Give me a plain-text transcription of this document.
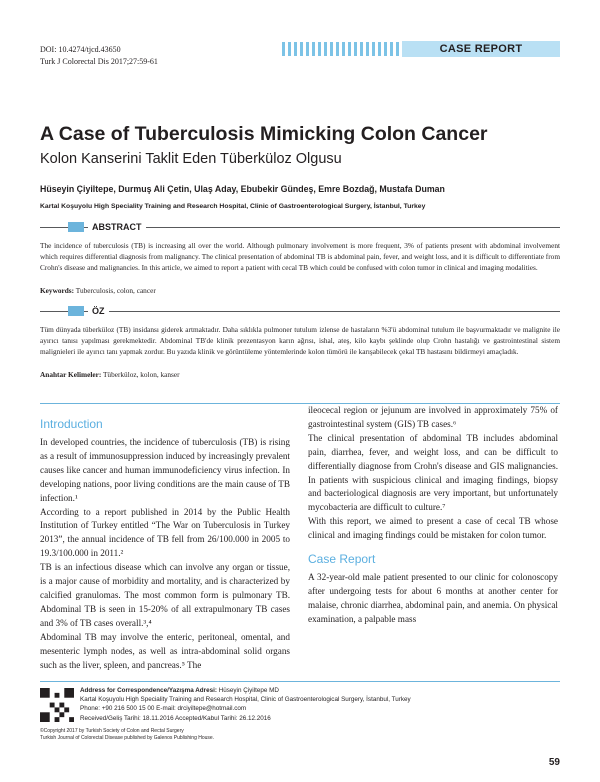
DOI: 10.4274/tjcd.43650
Turk J Colorectal Dis 2017;27:59-61
CASE REPORT
A Case of Tuberculosis Mimicking Colon Cancer
Kolon Kanserini Taklit Eden Tüberküloz Olgusu
Hüseyin Çiyiltepe, Durmuş Ali Çetin, Ulaş Aday, Ebubekir Gündeş, Emre Bozdağ, Mustafa Duman
Kartal Koşuyolu High Speciality Training and Research Hospital, Clinic of Gastroenterological Surgery, İstanbul, Turkey
ABSTRACT
The incidence of tuberculosis (TB) is increasing all over the world. Although pulmonary involvement is more frequent, 3% of patients present with abdominal involvement which requires differential diagnosis from malignancy. The clinical presentation of abdominal TB is abdominal pain, fever, and weight loss, and it is difficult to differentiate from Crohn's disease and malignancies. In this article, we aimed to report a patient with cecal TB which could be confused with colon tumor in clinical and imaging modalities.
Keywords: Tuberculosis, colon, cancer
ÖZ
Tüm dünyada tüberküloz (TB) insidansı giderek artmaktadır. Daha sıklıkla pulmoner tutulum izlense de hastaların %3'ü abdominal tutulum ile başvurmaktadır ve malignite ile ayırıcı tanısı yapılması gerekmektedir. Abdominal TB'de klinik prezentasyon karın ağrısı, ishal, ateş, kilo kaybı şeklinde olup Crohn hastalığı ve gastrointestinal sistem malignieleri ile ayırıcı tanı yapmak zordur. Bu yazıda klinik ve görüntüleme yöntemlerinde kolon tümörü ile karışabilecek çekal TB hastasını bildirmeyi amaçladık.
Anahtar Kelimeler: Tüberküloz, kolon, kanser
Introduction

In developed countries, the incidence of tuberculosis (TB) is rising as a result of immunosuppression induced by increasingly prevalent causes like cancer and human immunodeficiency virus infection. In developing nations, poor living conditions are the main cause of TB infection.¹

According to a report published in 2014 by the Public Health Institution of Turkey entitled “The War on Tuberculosis in Turkey 2013”, the annual incidence of TB fell from 26/100.000 in 2005 to 19.3/100.000 in 2011.²

TB is an infectious disease which can involve any organ or tissue, is a major cause of morbidity and mortality, and is characterized by calcified granulomas. The most common form is pulmonary TB. Abdominal TB is seen in 15-20% of all extrapulmonary TB cases and 3% of TB cases overall.³,⁴

Abdominal TB may involve the enteric, peritoneal, omental, and mesenteric lymph nodes, as well as intra-abdominal solid organs such as the liver, spleen, and pancreas.⁵ The

ileocecal region or jejunum are involved in approximately 75% of gastrointestinal system (GIS) TB cases.⁶

The clinical presentation of abdominal TB includes abdominal pain, diarrhea, fever, and weight loss, and can be difficult to differentially diagnose from Crohn's disease and GIS malignancies. In patients with suspicious clinical and imaging findings, biopsy and bacteriological diagnosis are very important, but unfortunately mycobacteria are difficult to culture.⁷

With this report, we aimed to present a case of cecal TB whose clinical and imaging findings could be mistaken for colon tumor.

Case Report

A 32-year-old male patient presented to our clinic for colonoscopy after undergoing tests for about 6 months at another center for malaise, chronic diarrhea, abdominal pain, and anemia. On physical examination, a palpable mass

Address for Correspondence/Yazışma Adresi: Hüseyin Çiyiltepe MD
Kartal Koşuyolu High Speciality Training and Research Hospital, Clinic of Gastroenterological Surgery, İstanbul, Turkey
Phone: +90 216 500 15 00 E-mail: drciyiltepe@hotmail.com
Received/Geliş Tarihi: 18.11.2016 Accepted/Kabul Tarihi: 26.12.2016
©Copyright 2017 by Turkish Society of Colon and Rectal Surgery
Turkish Journal of Colorectal Disease published by Galenos Publishing House.
59
